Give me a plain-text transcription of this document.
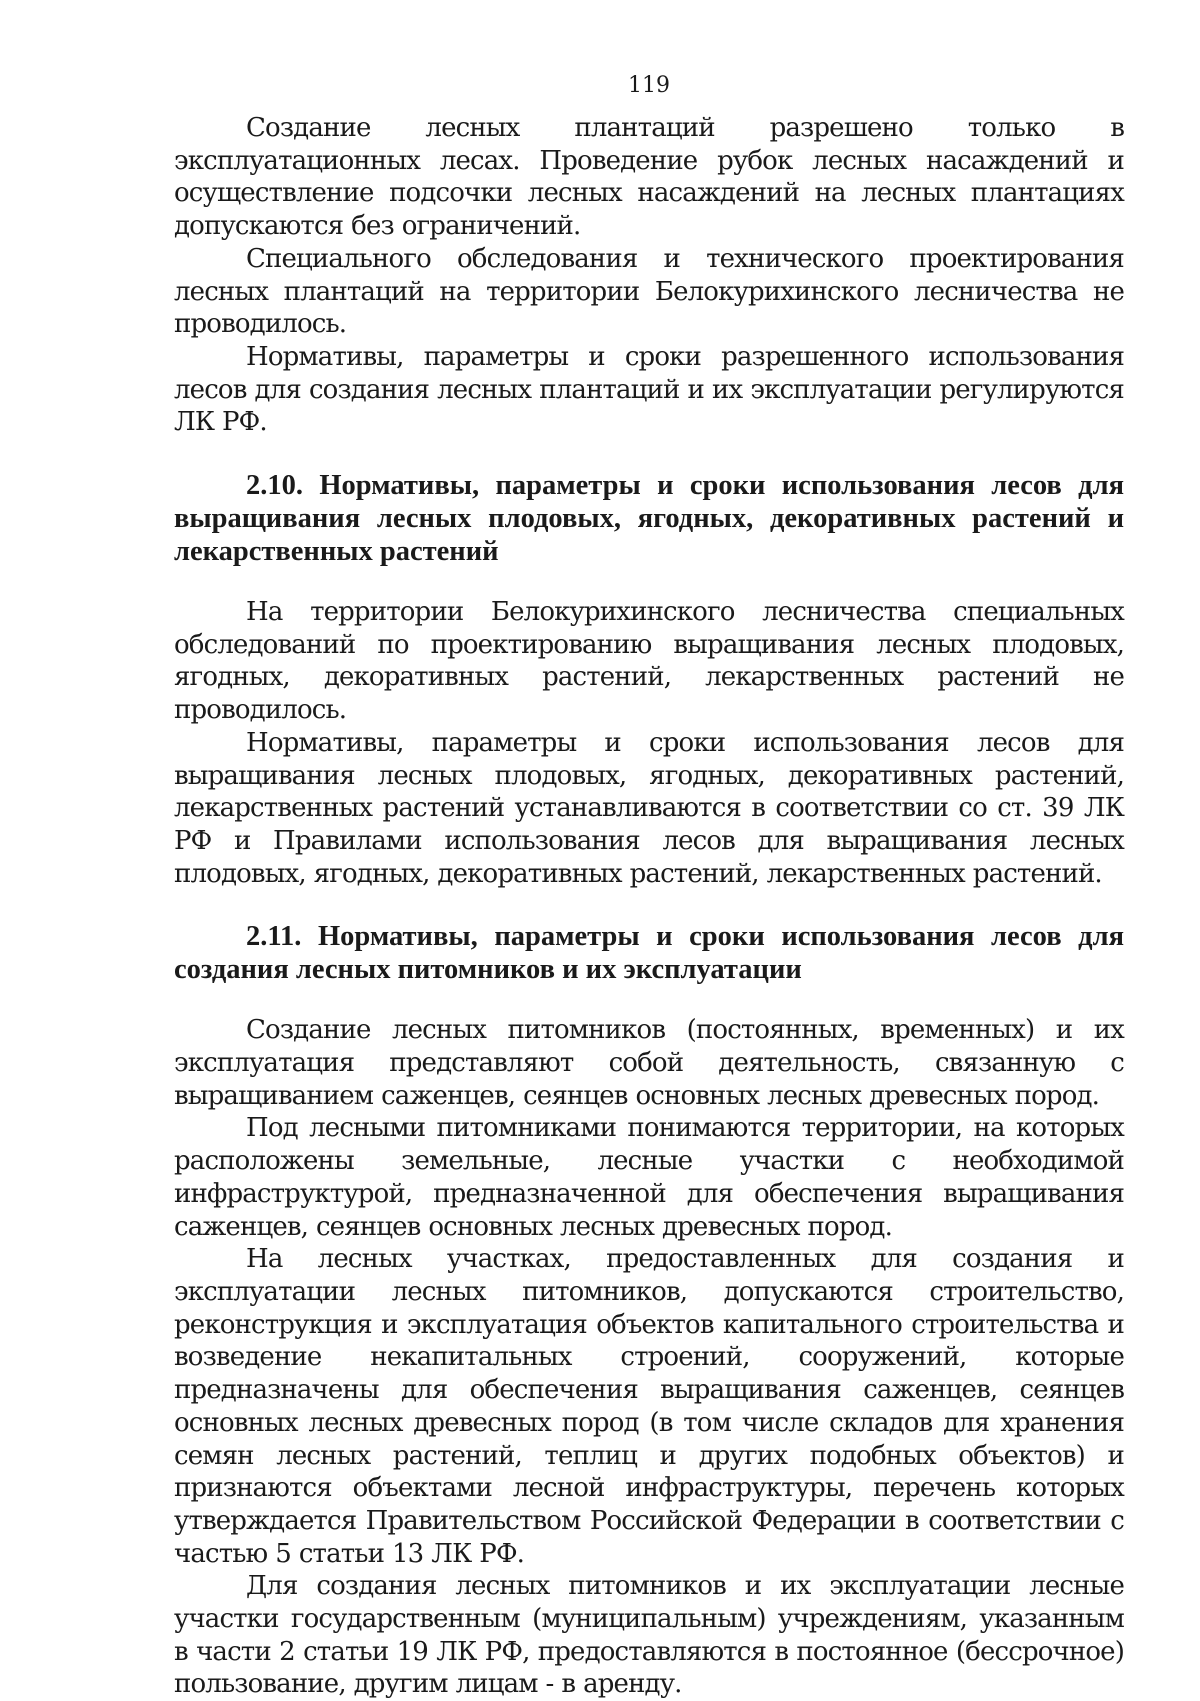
119

Создание лесных плантаций разрешено только в эксплуатационных лесах. Проведение рубок лесных насаждений и осуществление подсочки лесных насаждений на лесных плантациях допускаются без ограничений.

Специального обследования и технического проектирования лесных плантаций на территории Белокурихинского лесничества не проводилось.

Нормативы, параметры и сроки разрешенного использования лесов для создания лесных плантаций и их эксплуатации регулируются ЛК РФ.

2.10. Нормативы, параметры и сроки использования лесов для выращивания лесных плодовых, ягодных, декоративных растений и лекарственных растений

На территории Белокурихинского лесничества специальных обследований по проектированию выращивания лесных плодовых, ягодных, декоративных растений, лекарственных растений не проводилось.

Нормативы, параметры и сроки использования лесов для выращивания лесных плодовых, ягодных, декоративных растений, лекарственных растений устанавливаются в соответствии со ст. 39 ЛК РФ и Правилами использования лесов для выращивания лесных плодовых, ягодных, декоративных растений, лекарственных растений.

2.11. Нормативы, параметры и сроки использования лесов для создания лесных питомников и их эксплуатации

Создание лесных питомников (постоянных, временных) и их эксплуатация представляют собой деятельность, связанную с выращиванием саженцев, сеянцев основных лесных древесных пород.

Под лесными питомниками понимаются территории, на которых расположены земельные, лесные участки с необходимой инфраструктурой, предназначенной для обеспечения выращивания саженцев, сеянцев основных лесных древесных пород.

На лесных участках, предоставленных для создания и эксплуатации лесных питомников, допускаются строительство, реконструкция и эксплуатация объектов капитального строительства и возведение некапитальных строений, сооружений, которые предназначены для обеспечения выращивания саженцев, сеянцев основных лесных древесных пород (в том числе складов для хранения семян лесных растений, теплиц и других подобных объектов) и признаются объектами лесной инфраструктуры, перечень которых утверждается Правительством Российской Федерации в соответствии с частью 5 статьи 13 ЛК РФ.

Для создания лесных питомников и их эксплуатации лесные участки государственным (муниципальным) учреждениям, указанным в части 2 статьи 19 ЛК РФ, предоставляются в постоянное (бессрочное) пользование, другим лицам - в аренду.
